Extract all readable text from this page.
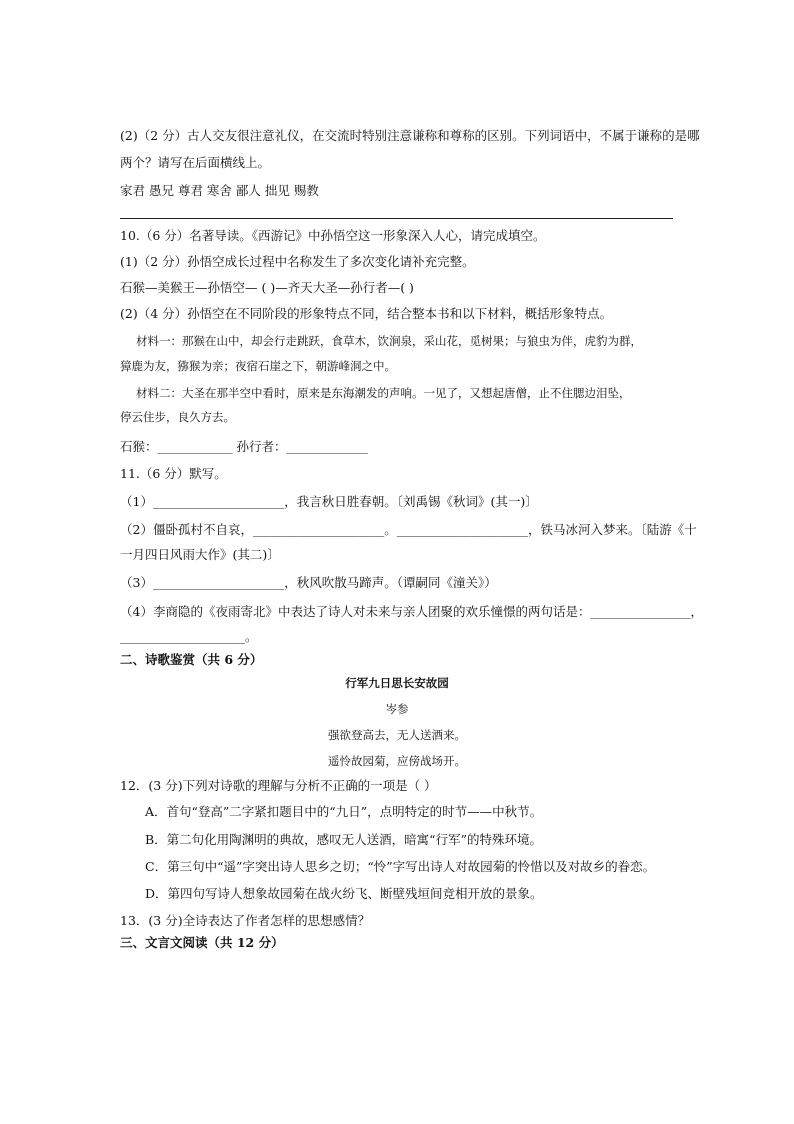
(2)（2 分）古人交友很注意礼仪，在交流时特别注意谦称和尊称的区别。下列词语中，不属于谦称的是哪
两个？请写在后面横线上。
家君 愚兄 尊君 寒舍 鄙人 拙见 赐教
10.（6 分）名著导读。《西游记》中孙悟空这一形象深入人心，请完成填空。
(1)（2 分）孙悟空成长过程中名称发生了多次变化请补充完整。
石猴—美猴王—孙悟空— ( )—齐天大圣—孙行者—( )
(2)（4 分）孙悟空在不同阶段的形象特点不同，结合整本书和以下材料，概括形象特点。
材料一：那猴在山中，却会行走跳跃，食草木，饮涧泉，采山花，觅树果；与狼虫为伴，虎豹为群，
獐鹿为友，猕猴为亲；夜宿石崖之下，朝游峰洞之中。
材料二：大圣在那半空中看时，原来是东海潮发的声响。一见了，又想起唐僧，止不住腮边泪坠，
停云住步，良久方去。
石猴：____________ 孙行者：_____________
11.（6 分）默写。
（1）_____________________，我言秋日胜春朝。〔刘禹锡《秋词》(其一)〕
（2）僵卧孤村不自哀，_____________________。_____________________，铁马冰河入梦来。〔陆游《十
一月四日风雨大作》(其二)〕
（3）_____________________，秋风吹散马蹄声。（谭嗣同《潼关》）
（4）李商隐的《夜雨寄北》中表达了诗人对未来与亲人团聚的欢乐憧憬的两句话是：________________，
____________________。
二、诗歌鉴赏（共 6 分）
行军九日思长安故园
岑参
强欲登高去，无人送酒来。
遥怜故园菊，应傍战场开。
12．(3 分)下列对诗歌的理解与分析不正确的一项是（ ）
A．首句“登高”二字紧扣题目中的“九日”，点明特定的时节——中秋节。
B．第二句化用陶渊明的典故，感叹无人送酒，暗寓“行军”的特殊环境。
C．第三句中“遥”字突出诗人思乡之切；“怜”字写出诗人对故园菊的怜惜以及对故乡的眷恋。
D．第四句写诗人想象故园菊在战火纷飞、断壁残垣间竞相开放的景象。
13．(3 分)全诗表达了作者怎样的思想感情？
三、文言文阅读（共 12 分）
